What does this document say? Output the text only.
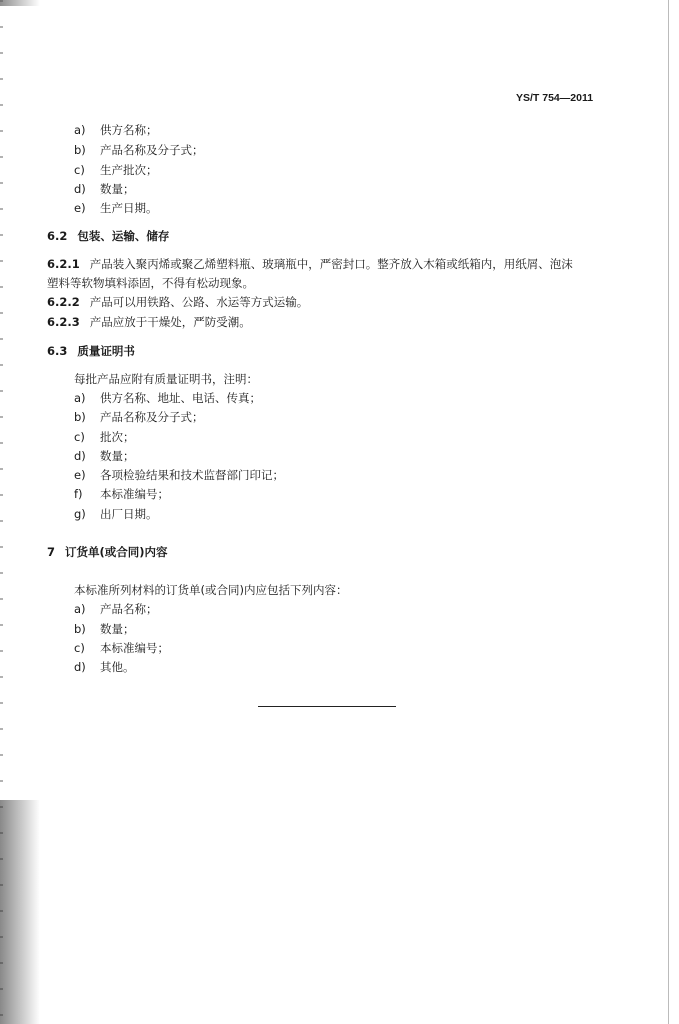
YS/T 754—2011
a) 供方名称；
b) 产品名称及分子式；
c) 生产批次；
d) 数量；
e) 生产日期。
6.2 包装、运输、储存
6.2.1 产品装入聚丙烯或聚乙烯塑料瓶、玻璃瓶中，严密封口。整齐放入木箱或纸箱内，用纸屑、泡沫
塑料等软物填料添固，不得有松动现象。
6.2.2 产品可以用铁路、公路、水运等方式运输。
6.2.3 产品应放于干燥处，严防受潮。
6.3 质量证明书
每批产品应附有质量证明书，注明：
a) 供方名称、地址、电话、传真；
b) 产品名称及分子式；
c) 批次；
d) 数量；
e) 各项检验结果和技术监督部门印记；
f) 本标准编号；
g) 出厂日期。
7 订货单(或合同)内容
本标准所列材料的订货单(或合同)内应包括下列内容：
a) 产品名称；
b) 数量；
c) 本标准编号；
d) 其他。
